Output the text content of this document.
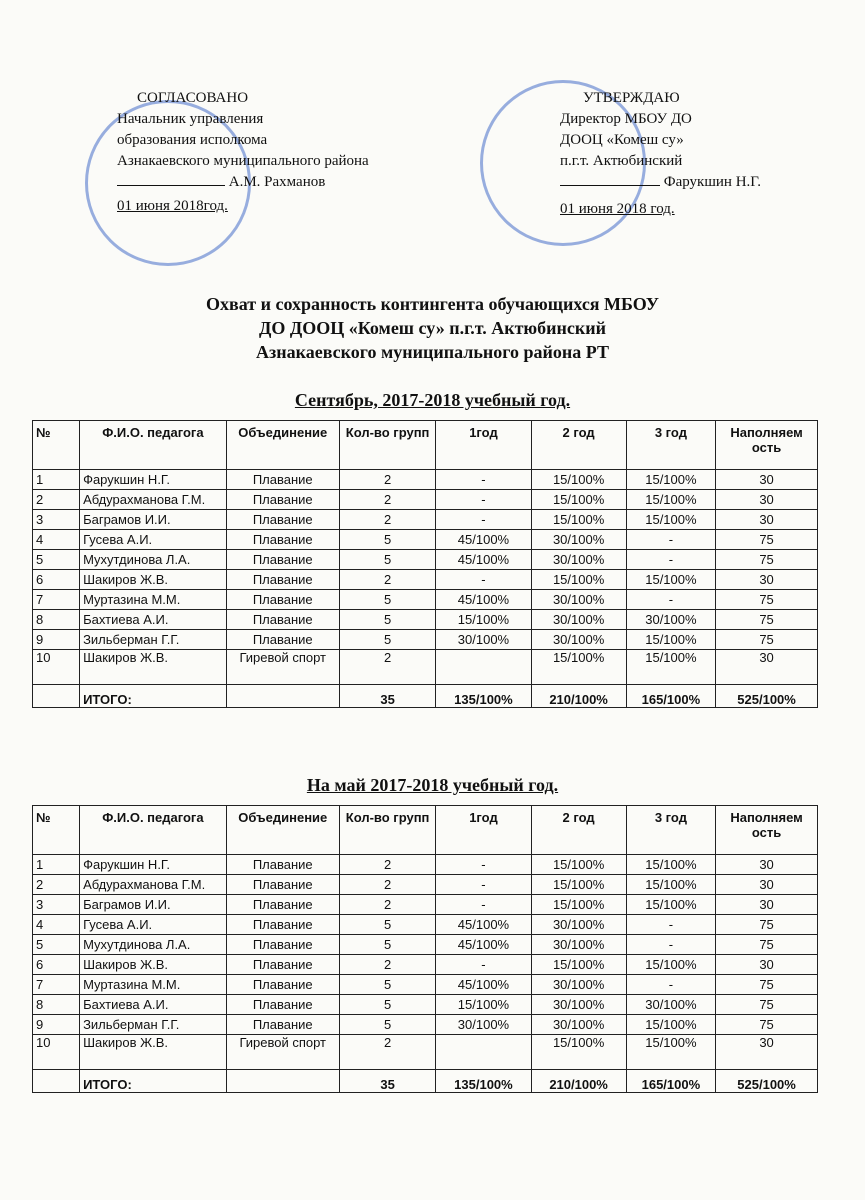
СОГЛАСОВАНО
Начальник управления
образования исполкома
Азнакаевского муниципального района
А.М. Рахманов
01 июня 2018год.
УТВЕРЖДАЮ
Директор МБОУ ДО
ДООЦ «Комеш су»
п.г.т. Актюбинский
Фарукшин Н.Г.
01 июня 2018 год.
Охват и сохранность контингента обучающихся МБОУ
ДО ДООЦ «Комеш су» п.г.т. Актюбинский
Азнакаевского муниципального района РТ
Сентябрь, 2017-2018 учебный год.
№	Ф.И.О. педагога	Объединение	Кол-во групп	1год	2 год	3 год	Наполняем ость
1	Фарукшин Н.Г.	Плавание	2	-	15/100%	15/100%	30
2	Абдурахманова Г.М.	Плавание	2	-	15/100%	15/100%	30
3	Баграмов И.И.	Плавание	2	-	15/100%	15/100%	30
4	Гусева А.И.	Плавание	5	45/100%	30/100%	-	75
5	Мухутдинова Л.А.	Плавание	5	45/100%	30/100%	-	75
6	Шакиров Ж.В.	Плавание	2	-	15/100%	15/100%	30
7	Муртазина М.М.	Плавание	5	45/100%	30/100%	-	75
8	Бахтиева А.И.	Плавание	5	15/100%	30/100%	30/100%	75
9	Зильберман Г.Г.	Плавание	5	30/100%	30/100%	15/100%	75
10	Шакиров Ж.В.	Гиревой спорт	2		15/100%	15/100%	30
	ИТОГО:		35	135/100%	210/100%	165/100%	525/100%
На май 2017-2018 учебный год.
№	Ф.И.О. педагога	Объединение	Кол-во групп	1год	2 год	3 год	Наполняем ость
1	Фарукшин Н.Г.	Плавание	2	-	15/100%	15/100%	30
2	Абдурахманова Г.М.	Плавание	2	-	15/100%	15/100%	30
3	Баграмов И.И.	Плавание	2	-	15/100%	15/100%	30
4	Гусева А.И.	Плавание	5	45/100%	30/100%	-	75
5	Мухутдинова Л.А.	Плавание	5	45/100%	30/100%	-	75
6	Шакиров Ж.В.	Плавание	2	-	15/100%	15/100%	30
7	Муртазина М.М.	Плавание	5	45/100%	30/100%	-	75
8	Бахтиева А.И.	Плавание	5	15/100%	30/100%	30/100%	75
9	Зильберман Г.Г.	Плавание	5	30/100%	30/100%	15/100%	75
10	Шакиров Ж.В.	Гиревой спорт	2		15/100%	15/100%	30
	ИТОГО:		35	135/100%	210/100%	165/100%	525/100%
